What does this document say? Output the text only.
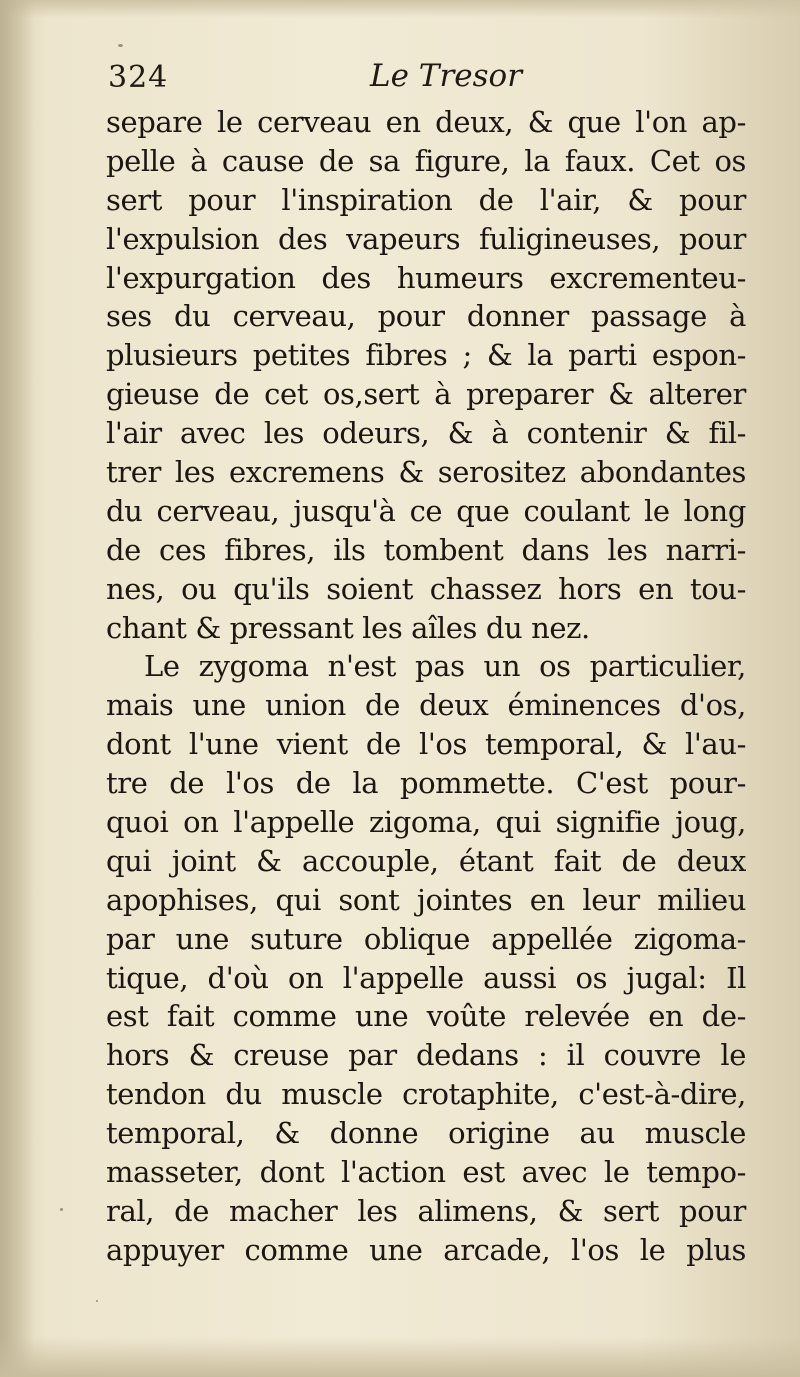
324	Le Tresor
separe le cerveau en deux, & que l'on ap-
pelle à cause de sa figure, la faux. Cet os
sert pour l'inspiration de l'air, & pour
l'expulsion des vapeurs fuligineuses, pour
l'expurgation des humeurs excrementeu-
ses du cerveau, pour donner passage à
plusieurs petites fibres ; & la parti espon-
gieuse de cet os,sert à preparer & alterer
l'air avec les odeurs, & à contenir & fil-
trer les excremens & serositez abondantes
du cerveau, jusqu'à ce que coulant le long
de ces fibres, ils tombent dans les narri-
nes, ou qu'ils soient chassez hors en tou-
chant & pressant les aîles du nez.
Le zygoma n'est pas un os particulier,
mais une union de deux éminences d'os,
dont l'une vient de l'os temporal, & l'au-
tre de l'os de la pommette. C'est pour-
quoi on l'appelle zigoma, qui signifie joug,
qui joint & accouple, étant fait de deux
apophises, qui sont jointes en leur milieu
par une suture oblique appellée zigoma-
tique, d'où on l'appelle aussi os jugal: Il
est fait comme une voûte relevée en de-
hors & creuse par dedans : il couvre le
tendon du muscle crotaphite, c'est-à-dire,
temporal, & donne origine au muscle
masseter, dont l'action est avec le tempo-
ral, de macher les alimens, & sert pour
appuyer comme une arcade, l'os le plus
